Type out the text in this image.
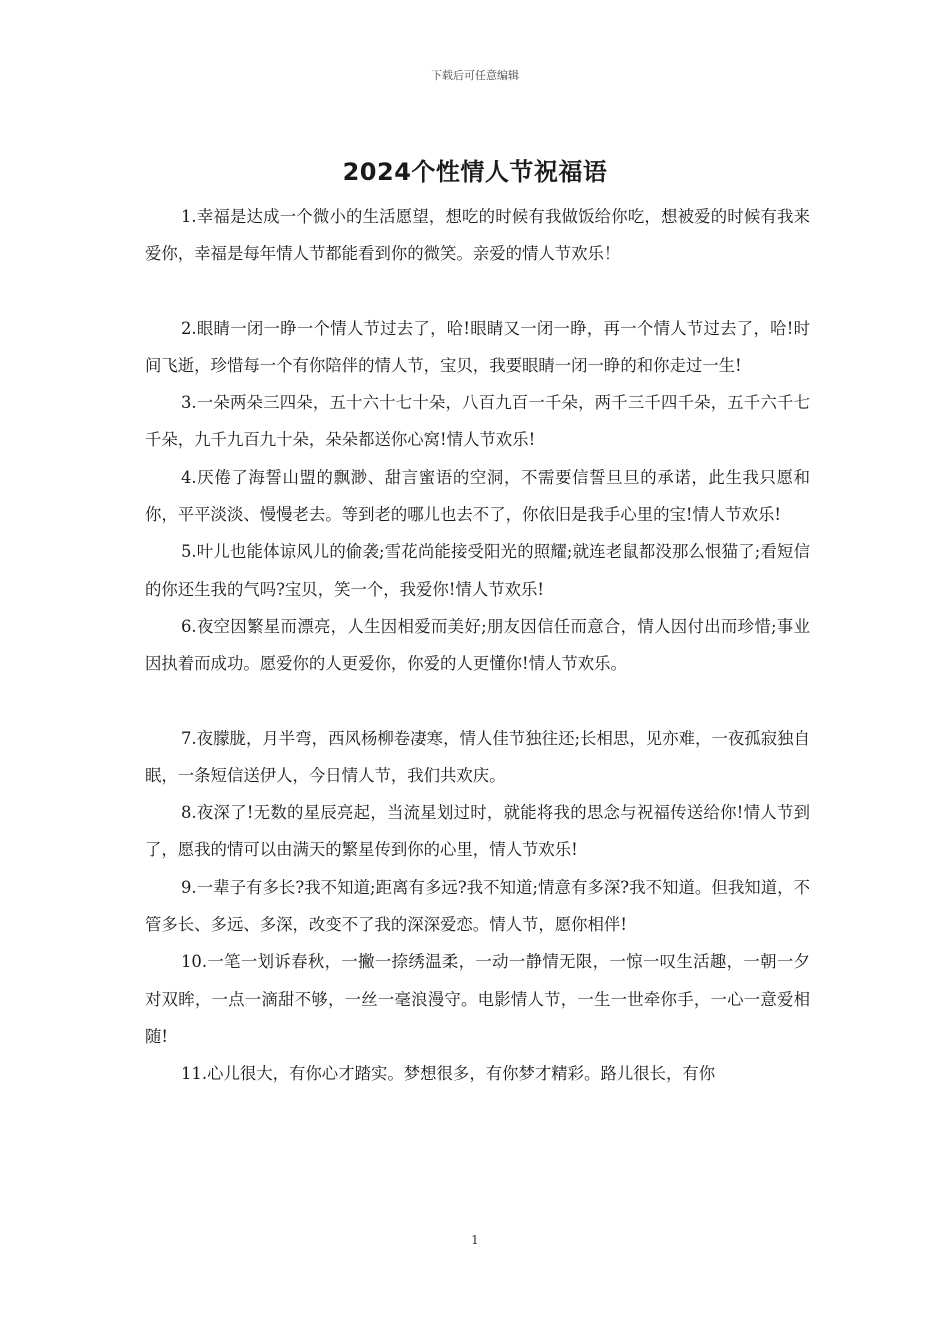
下载后可任意编辑
2024个性情人节祝福语

1.幸福是达成一个微小的生活愿望，想吃的时候有我做饭给你吃，想被爱的时候有我来爱你，幸福是每年情人节都能看到你的微笑。亲爱的情人节欢乐！

2.眼睛一闭一睁一个情人节过去了，哈!眼睛又一闭一睁，再一个情人节过去了，哈!时间飞逝，珍惜每一个有你陪伴的情人节，宝贝，我要眼睛一闭一睁的和你走过一生!

3.一朵两朵三四朵，五十六十七十朵，八百九百一千朵，两千三千四千朵，五千六千七千朵，九千九百九十朵，朵朵都送你心窝!情人节欢乐!

4.厌倦了海誓山盟的飘渺、甜言蜜语的空洞，不需要信誓旦旦的承诺，此生我只愿和你，平平淡淡、慢慢老去。等到老的哪儿也去不了，你依旧是我手心里的宝!情人节欢乐!

5.叶儿也能体谅风儿的偷袭;雪花尚能接受阳光的照耀;就连老鼠都没那么恨猫了;看短信的你还生我的气吗?宝贝，笑一个，我爱你!情人节欢乐!

6.夜空因繁星而漂亮，人生因相爱而美好;朋友因信任而意合，情人因付出而珍惜;事业因执着而成功。愿爱你的人更爱你，你爱的人更懂你!情人节欢乐。

7.夜朦胧，月半弯，西风杨柳卷凄寒，情人佳节独往还;长相思，见亦难，一夜孤寂独自眠，一条短信送伊人，今日情人节，我们共欢庆。

8.夜深了!无数的星辰亮起，当流星划过时，就能将我的思念与祝福传送给你!情人节到了，愿我的情可以由满天的繁星传到你的心里，情人节欢乐!

9.一辈子有多长?我不知道;距离有多远?我不知道;情意有多深?我不知道。但我知道，不管多长、多远、多深，改变不了我的深深爱恋。情人节，愿你相伴!

10.一笔一划诉春秋，一撇一捺绣温柔，一动一静情无限，一惊一叹生活趣，一朝一夕对双眸，一点一滴甜不够，一丝一毫浪漫守。电影情人节，一生一世牵你手，一心一意爱相随!

11.心儿很大，有你心才踏实。梦想很多，有你梦才精彩。路儿很长，有你

1
